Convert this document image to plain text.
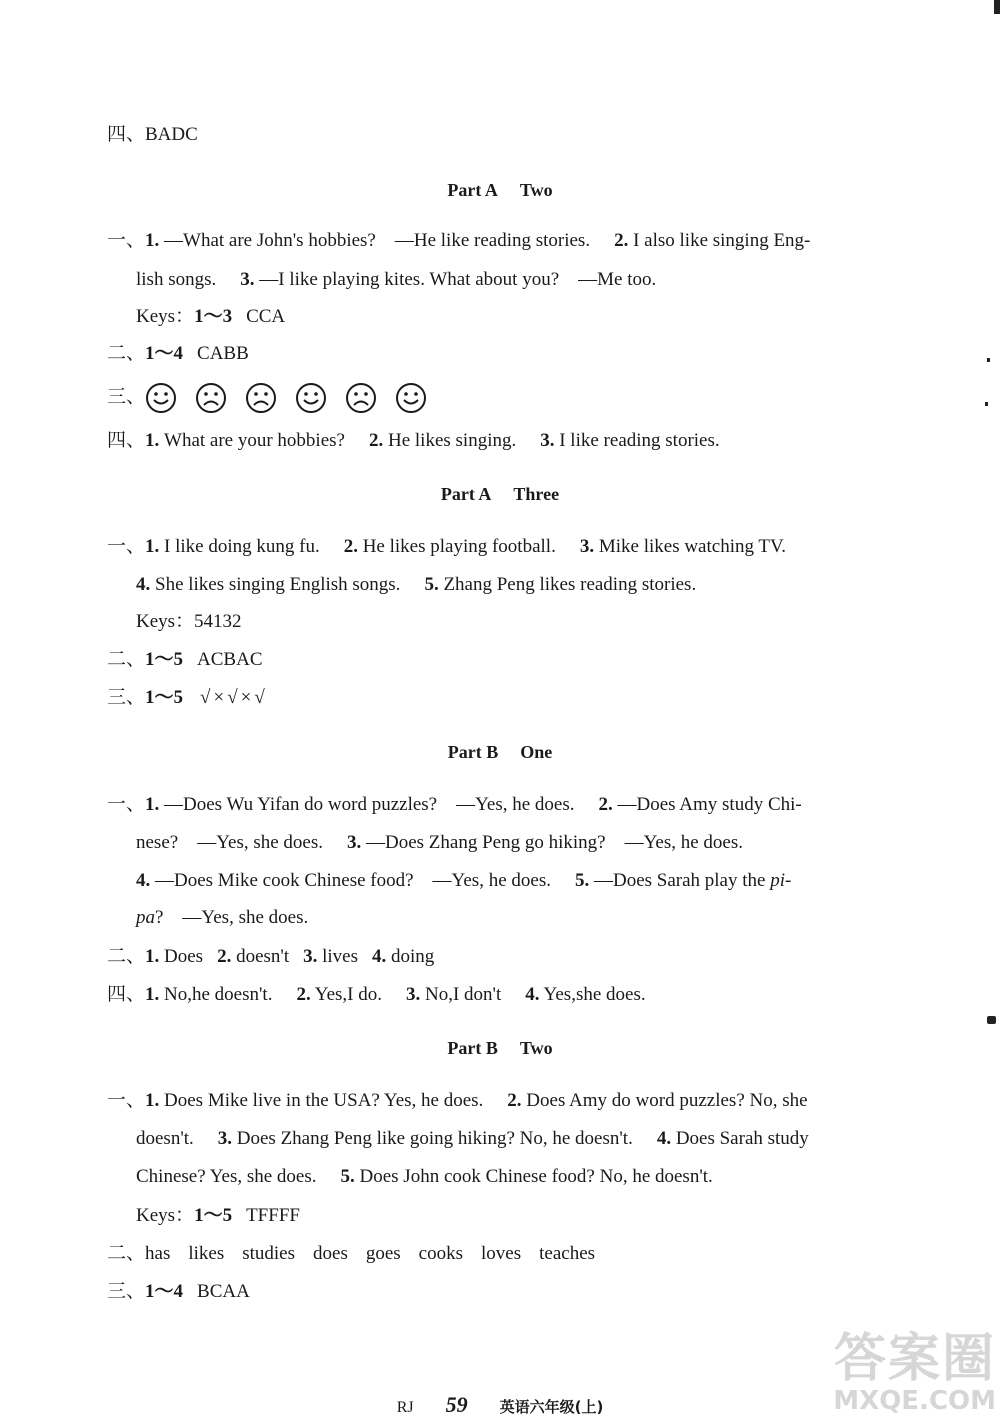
四、BADC
Part A Two
一、1. —What are John's hobbies?　—He like reading stories. 2. I also like singing Eng-
lish songs. 3. —I like playing kites. What about you?　—Me too.
Keys：1～3 CCA
二、1～4 CABB
三、
四、1. What are your hobbies? 2. He likes singing. 3. I like reading stories.
Part A Three
一、1. I like doing kung fu. 2. He likes playing football. 3. Mike likes watching TV.
4. She likes singing English songs. 5. Zhang Peng likes reading stories.
Keys：54132
二、1～5 ACBAC
三、1～5 √ × √ × √
Part B One
一、1. —Does Wu Yifan do word puzzles?　—Yes, he does. 2. —Does Amy study Chi-
nese?　—Yes, she does. 3. —Does Zhang Peng go hiking?　—Yes, he does.
4. —Does Mike cook Chinese food?　—Yes, he does. 5. —Does Sarah play the pi-
pa?　—Yes, she does.
二、1. Does 2. doesn't 3. lives 4. doing
四、1. No,he doesn't. 2. Yes,I do. 3. No,I don't 4. Yes,she does.
Part B Two
一、1. Does Mike live in the USA? Yes, he does. 2. Does Amy do word puzzles? No, she
doesn't. 3. Does Zhang Peng like going hiking? No, he doesn't. 4. Does Sarah study
Chinese? Yes, she does. 5. Does John cook Chinese food? No, he doesn't.
Keys：1～5 TFFFF
二、has likes studies does goes cooks loves teaches
三、1～4 BCAA
RJ 59 英语六年级(上)
答案圈
MXQE.COM
